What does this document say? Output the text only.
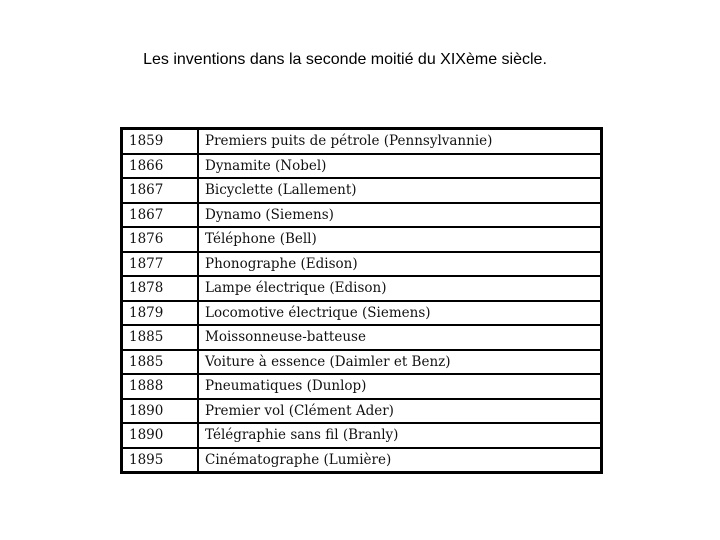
Les inventions dans la seconde moitié du XIXème siècle.
1859	Premiers puits de pétrole (Pennsylvannie)
1866	Dynamite (Nobel)
1867	Bicyclette (Lallement)
1867	Dynamo (Siemens)
1876	Téléphone (Bell)
1877	Phonographe (Edison)
1878	Lampe électrique (Edison)
1879	Locomotive électrique (Siemens)
1885	Moissonneuse-batteuse
1885	Voiture à essence (Daimler et Benz)
1888	Pneumatiques (Dunlop)
1890	Premier vol (Clément Ader)
1890	Télégraphie sans fil (Branly)
1895	Cinématographe (Lumière)
